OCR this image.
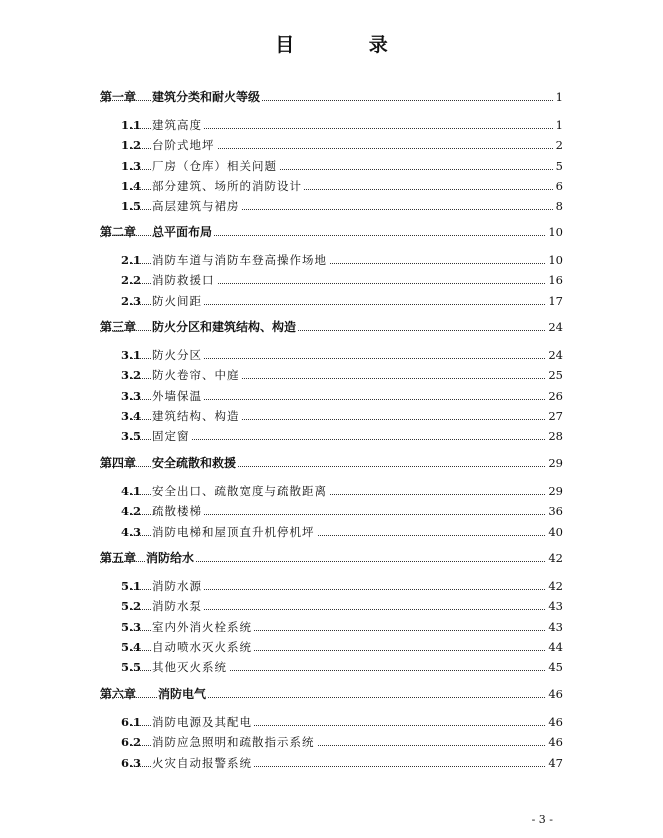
目 录
第一章 建筑分类和耐火等级	1
1.1 建筑高度	1
1.2 台阶式地坪	2
1.3 厂房（仓库）相关问题	5
1.4 部分建筑、场所的消防设计	6
1.5 高层建筑与裙房	8
第二章 总平面布局	10
2.1 消防车道与消防车登高操作场地	10
2.2 消防救援口	16
2.3 防火间距	17
第三章 防火分区和建筑结构、构造	24
3.1 防火分区	24
3.2 防火卷帘、中庭	25
3.3 外墙保温	26
3.4 建筑结构、构造	27
3.5 固定窗	28
第四章 安全疏散和救援	29
4.1 安全出口、疏散宽度与疏散距离	29
4.2 疏散楼梯	36
4.3 消防电梯和屋顶直升机停机坪	40
第五章 消防给水	42
5.1 消防水源	42
5.2 消防水泵	43
5.3 室内外消火栓系统	43
5.4 自动喷水灭火系统	44
5.5 其他灭火系统	45
第六章 消防电气	46
6.1 消防电源及其配电	46
6.2 消防应急照明和疏散指示系统	46
6.3 火灾自动报警系统	47
- 3 -
